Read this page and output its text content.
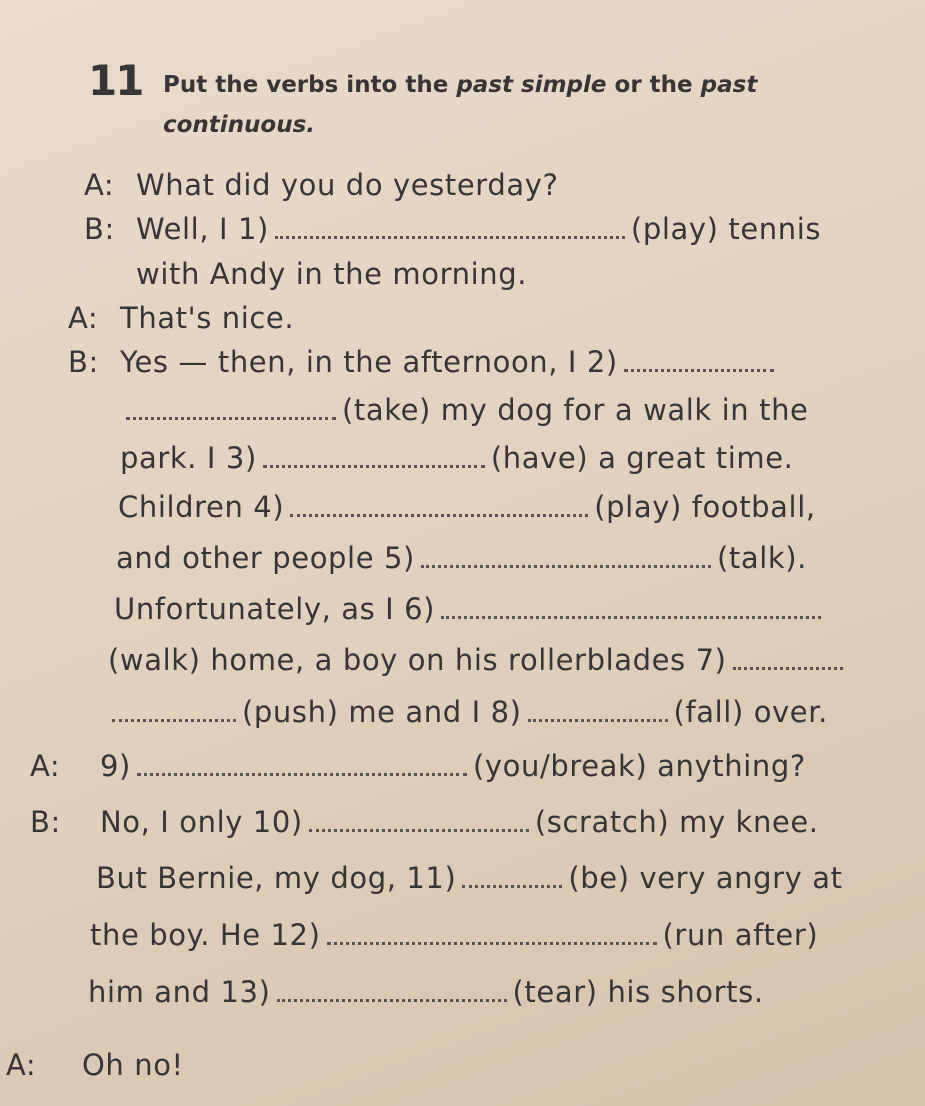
11 Put the verbs into the past simple or the past
continuous.
A: What did you do yesterday?
B: Well, I 1)	(play) tennis
with Andy in the morning.
A: That's nice.
B: Yes — then, in the afternoon, I 2)
(take) my dog for a walk in the
park. I 3)	(have) a great time.
Children 4)	(play) football,
and other people 5)	(talk).
Unfortunately, as I 6)
(walk) home, a boy on his rollerblades 7)
(push) me and I 8)	(fall) over.
A: 9)	(you/break) anything?
B: No, I only 10)	(scratch) my knee.
But Bernie, my dog, 11)	(be) very angry at
the boy. He 12)	(run after)
him and 13)	(tear) his shorts.
A: Oh no!
